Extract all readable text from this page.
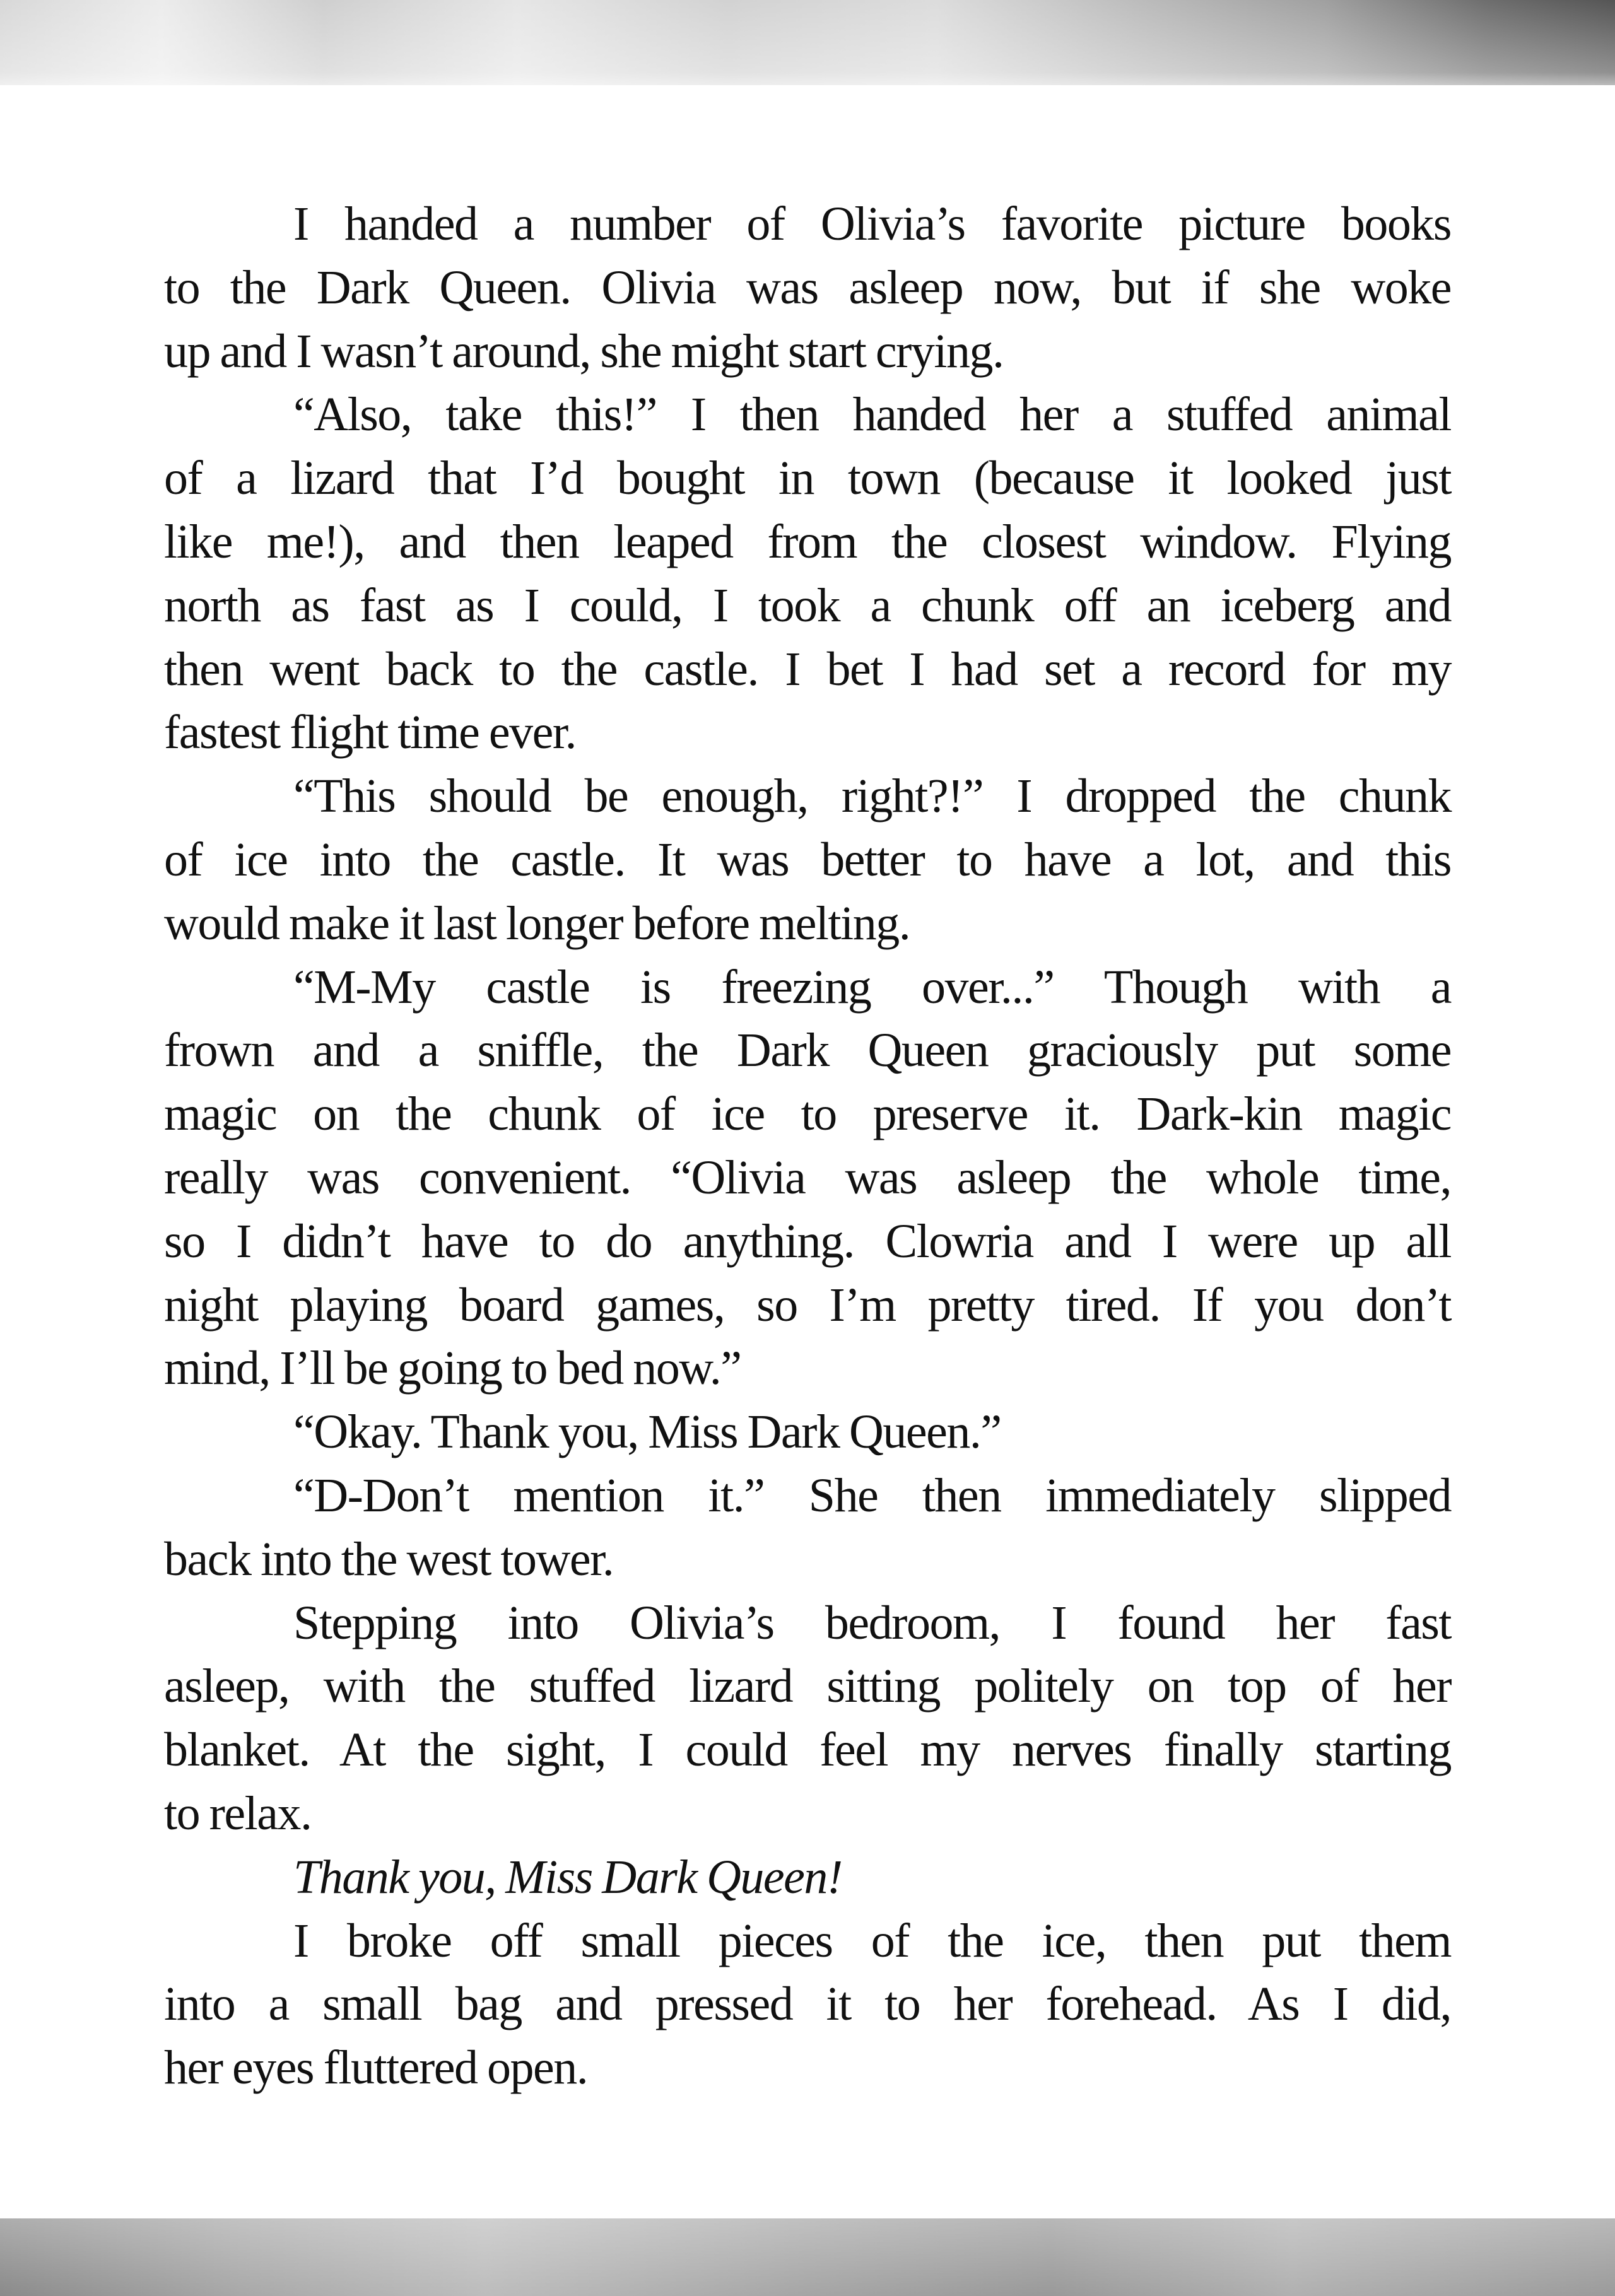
I handed a number of Olivia’s favorite picture books
to the Dark Queen. Olivia was asleep now, but if she woke
up and I wasn’t around, she might start crying.
“Also, take this!” I then handed her a stuffed animal
of a lizard that I’d bought in town (because it looked just
like me!), and then leaped from the closest window. Flying
north as fast as I could, I took a chunk off an iceberg and
then went back to the castle. I bet I had set a record for my
fastest flight time ever.
“This should be enough, right?!” I dropped the chunk
of ice into the castle. It was better to have a lot, and this
would make it last longer before melting.
“M-My castle is freezing over...” Though with a
frown and a sniffle, the Dark Queen graciously put some
magic on the chunk of ice to preserve it. Dark-kin magic
really was convenient. “Olivia was asleep the whole time,
so I didn’t have to do anything. Clowria and I were up all
night playing board games, so I’m pretty tired. If you don’t
mind, I’ll be going to bed now.”
“Okay. Thank you, Miss Dark Queen.”
“D-Don’t mention it.” She then immediately slipped
back into the west tower.
Stepping into Olivia’s bedroom, I found her fast
asleep, with the stuffed lizard sitting politely on top of her
blanket. At the sight, I could feel my nerves finally starting
to relax.
Thank you, Miss Dark Queen!
I broke off small pieces of the ice, then put them
into a small bag and pressed it to her forehead. As I did,
her eyes fluttered open.
